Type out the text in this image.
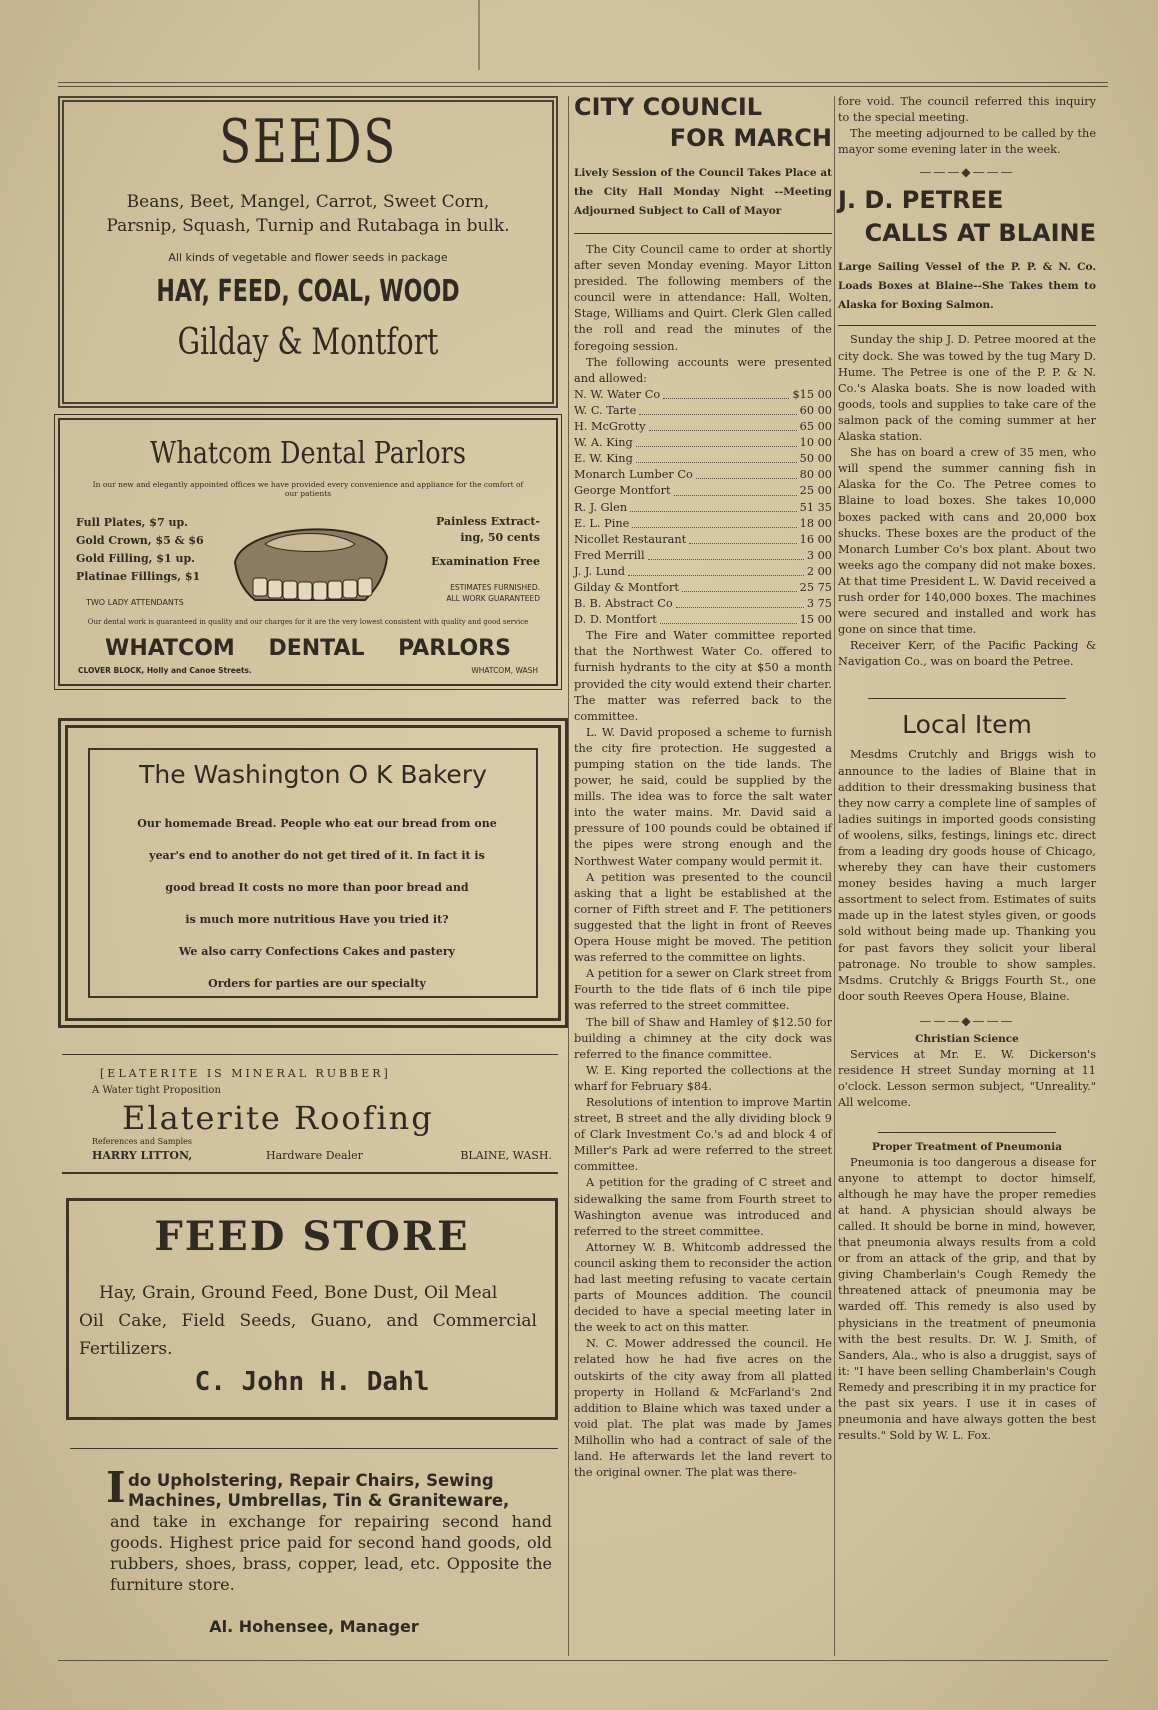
SEEDS
Beans, Beet, Mangel, Carrot, Sweet Corn,
Parsnip, Squash, Turnip and Rutabaga in bulk.
All kinds of vegetable and flower seeds in package
HAY, FEED, COAL, WOOD
Gilday & Montfort
Whatcom Dental Parlors
In our new and elegantly appointed offices we have provided every convenience and appliance for the comfort of our patients
Full Plates, $7 up.
Gold Crown, $5 & $6
Gold Filling, $1 up.
Platinae Fillings, $1
TWO LADY ATTENDANTS
Painless Extract-
ing, 50 cents
Examination Free
ESTIMATES FURNISHED.
ALL WORK GUARANTEED
Our dental work is guaranteed in quality and our charges for it are the very lowest consistent with quality and good service
WHATCOM DENTAL PARLORS
CLOVER BLOCK, Holly and Canoe Streets.	WHATCOM, WASH
The Washington O K Bakery
Our homemade Bread. People who eat our bread from one
year's end to another do not get tired of it. In fact it is
good bread It costs no more than poor bread and
is much more nutritious Have you tried it?
We also carry Confections Cakes and pastery
Orders for parties are our specialty
[ELATERITE IS MINERAL RUBBER]
A Water tight Proposition
Elaterite Roofing
References and Samples
HARRY LITTON,	Hardware Dealer	BLAINE, WASH.
FEED STORE
Hay, Grain, Ground Feed, Bone Dust, Oil Meal
Oil Cake, Field Seeds, Guano, and Commercial
Fertilizers.
C. John H. Dahl
I do Upholstering, Repair Chairs, Sewing
Machines, Umbrellas, Tin & Graniteware,
and take in exchange for repairing second hand goods. Highest price paid for second hand goods, old rubbers, shoes, brass, copper, lead, etc. Opposite the furniture store.
Al. Hohensee, Manager
CITY COUNCIL
FOR MARCH
Lively Session of the Council Takes Place at the City Hall Monday Night --Meeting Adjourned Subject to Call of Mayor

The City Council came to order at shortly after seven Monday evening. Mayor Litton presided. The following members of the council were in attendance: Hall, Wolten, Stage, Williams and Quirt. Clerk Glen called the roll and read the minutes of the foregoing session.

The following accounts were presented and allowed:

N. W. Water Co	$15 00
W. C. Tarte	60 00
H. McGrotty	65 00
W. A. King	10 00
E. W. King	50 00
Monarch Lumber Co	80 00
George Montfort	25 00
R. J. Glen	51 35
E. L. Pine	18 00
Nicollet Restaurant	16 00
Fred Merrill	3 00
J. J. Lund	2 00
Gilday & Montfort	25 75
B. B. Abstract Co	3 75
D. D. Montfort	15 00

The Fire and Water committee reported that the Northwest Water Co. offered to furnish hydrants to the city at $50 a month provided the city would extend their charter. The matter was referred back to the committee.

L. W. David proposed a scheme to furnish the city fire protection. He suggested a pumping station on the tide lands. The power, he said, could be supplied by the mills. The idea was to force the salt water into the water mains. Mr. David said a pressure of 100 pounds could be obtained if the pipes were strong enough and the Northwest Water company would permit it.

A petition was presented to the council asking that a light be established at the corner of Fifth street and F. The petitioners suggested that the light in front of Reeves Opera House might be moved. The petition was referred to the committee on lights.

A petition for a sewer on Clark street from Fourth to the tide flats of 6 inch tile pipe was referred to the street committee.

The bill of Shaw and Hamley of $12.50 for building a chimney at the city dock was referred to the finance committee.

W. E. King reported the collections at the wharf for February $84.

Resolutions of intention to improve Martin street, B street and the ally dividing block 9 of Clark Investment Co.'s ad and block 4 of Miller's Park ad were referred to the street committee.

A petition for the grading of C street and sidewalking the same from Fourth street to Washington avenue was introduced and referred to the street committee.

Attorney W. B. Whitcomb addressed the council asking them to reconsider the action had last meeting refusing to vacate certain parts of Mounces addition. The council decided to have a special meeting later in the week to act on this matter.

N. C. Mower addressed the council. He related how he had five acres on the outskirts of the city away from all platted property in Holland & McFarland's 2nd addition to Blaine which was taxed under a void plat. The plat was made by James Milhollin who had a contract of sale of the land. He afterwards let the land revert to the original owner. The plat was there-

fore void. The council referred this inquiry to the special meeting.

The meeting adjourned to be called by the mayor some evening later in the week.

———◆———
J. D. PETREE
CALLS AT BLAINE
Large Sailing Vessel of the P. P. & N. Co. Loads Boxes at Blaine--She Takes them to Alaska for Boxing Salmon.

Sunday the ship J. D. Petree moored at the city dock. She was towed by the tug Mary D. Hume. The Petree is one of the P. P. & N. Co.'s Alaska boats. She is now loaded with goods, tools and supplies to take care of the salmon pack of the coming summer at her Alaska station.

She has on board a crew of 35 men, who will spend the summer canning fish in Alaska for the Co. The Petree comes to Blaine to load boxes. She takes 10,000 boxes packed with cans and 20,000 box shucks. These boxes are the product of the Monarch Lumber Co's box plant. About two weeks ago the company did not make boxes. At that time President L. W. David received a rush order for 140,000 boxes. The machines were secured and installed and work has gone on since that time.

Receiver Kerr, of the Pacific Packing & Navigation Co., was on board the Petree.

Local Item

Mesdms Crutchly and Briggs wish to announce to the ladies of Blaine that in addition to their dressmaking business that they now carry a complete line of samples of ladies suitings in imported goods consisting of woolens, silks, festings, linings etc. direct from a leading dry goods house of Chicago, whereby they can have their customers money besides having a much larger assortment to select from. Estimates of suits made up in the latest styles given, or goods sold without being made up. Thanking you for past favors they solicit your liberal patronage. No trouble to show samples. Msdms. Crutchly & Briggs Fourth St., one door south Reeves Opera House, Blaine.

———◆———
Christian Science

Services at Mr. E. W. Dickerson's residence H street Sunday morning at 11 o'clock. Lesson sermon subject, "Unreality." All welcome.

Proper Treatment of Pneumonia

Pneumonia is too dangerous a disease for anyone to attempt to doctor himself, although he may have the proper remedies at hand. A physician should always be called. It should be borne in mind, however, that pneumonia always results from a cold or from an attack of the grip, and that by giving Chamberlain's Cough Remedy the threatened attack of pneumonia may be warded off. This remedy is also used by physicians in the treatment of pneumonia with the best results. Dr. W. J. Smith, of Sanders, Ala., who is also a druggist, says of it: "I have been selling Chamberlain's Cough Remedy and prescribing it in my practice for the past six years. I use it in cases of pneumonia and have always gotten the best results." Sold by W. L. Fox.
